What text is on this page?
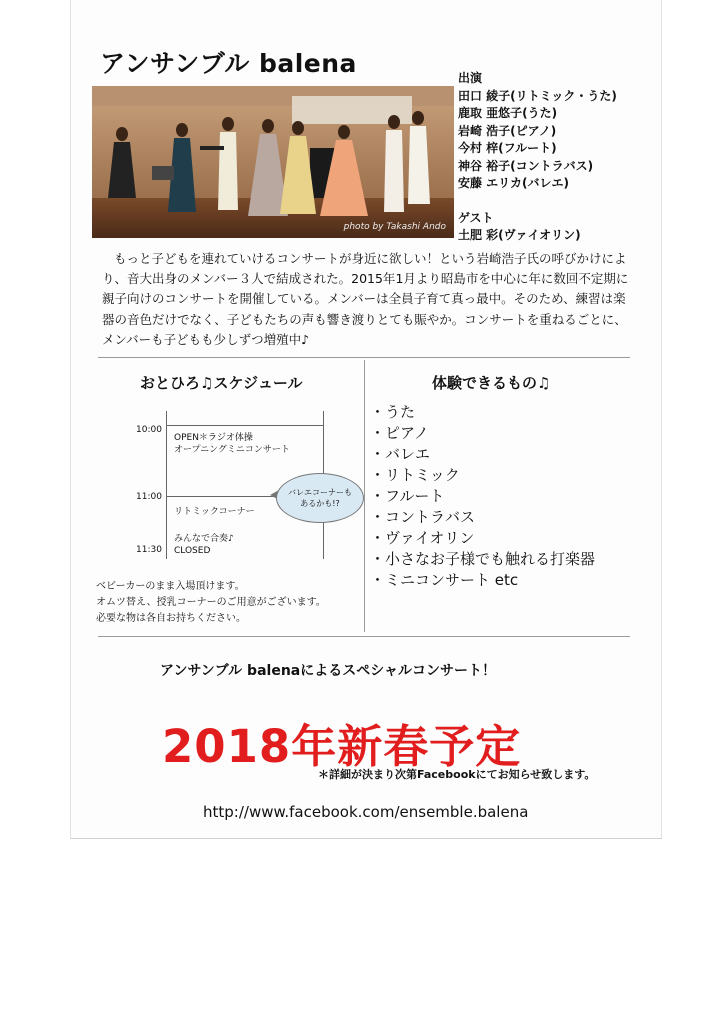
アンサンブル balena
photo by Takashi Ando
出演
田口 綾子(リトミック・うた)
鹿取 亜悠子(うた)
岩崎 浩子(ピアノ)
今村 梓(フルート)
神谷 裕子(コントラバス)
安藤 エリカ(バレエ)
ゲスト
土肥 彩(ヴァイオリン)
もっと子どもを連れていけるコンサートが身近に欲しい！という岩崎浩子氏の呼びかけにより、音大出身のメンバー３人で結成された。2015年1月より昭島市を中心に年に数回不定期に親子向けのコンサートを開催している。メンバーは全員子育て真っ最中。そのため、練習は楽器の音色だけでなく、子どもたちの声も響き渡りとても賑やか。コンサートを重ねるごとに、メンバーも子どもも少しずつ増殖中♪
おとひろ♫スケジュール
10:00
11:00
11:30
OPEN＊ラジオ体操
オープニングミニコンサート
リトミックコーナー
みんなで合奏♪
CLOSED
バレエコーナーも
あるかも!?
ベビーカーのまま入場頂けます。
オムツ替え、授乳コーナーのご用意がございます。
必要な物は各自お持ちください。
体験できるもの♫
・うた
・ピアノ
・バレエ
・リトミック
・フルート
・コントラバス
・ヴァイオリン
・小さなお子様でも触れる打楽器
・ミニコンサート etc
アンサンブル balenaによるスペシャルコンサート！
2018年新春予定
＊詳細が決まり次第Facebookにてお知らせ致します。
http://www.facebook.com/ensemble.balena
